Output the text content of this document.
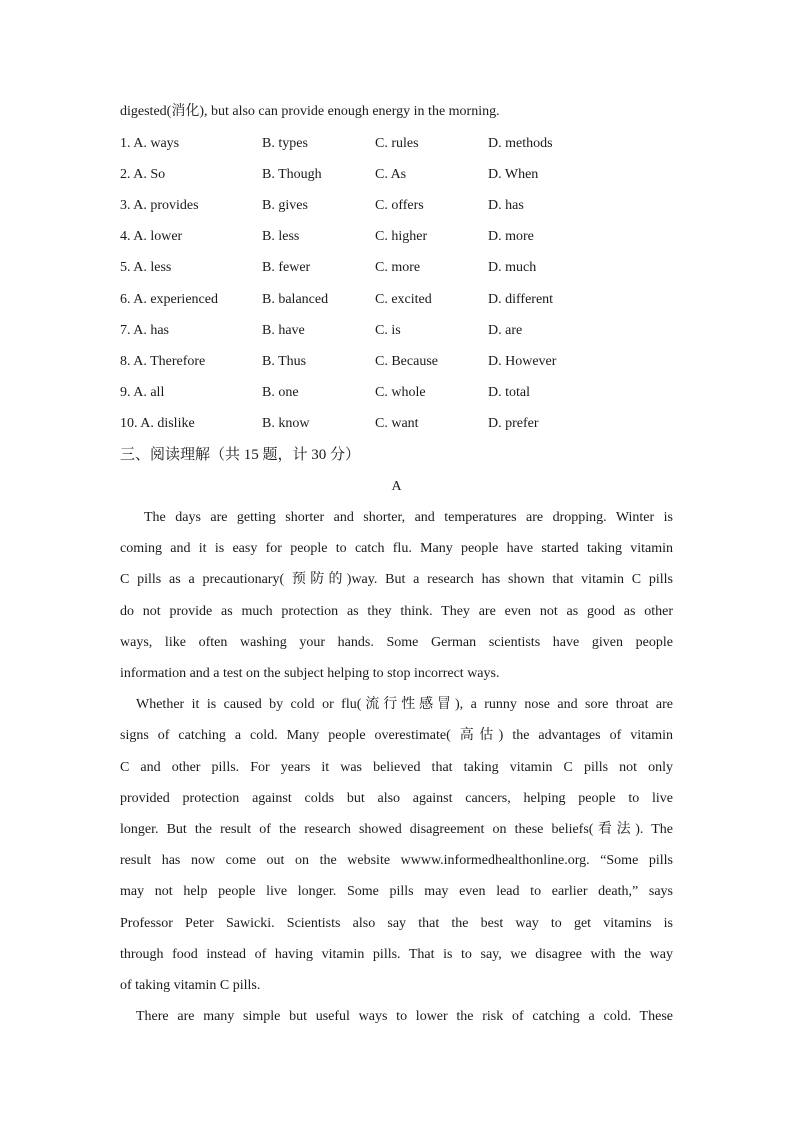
digested(消化), but also can provide enough energy in the morning.
1. A. ways	B. types	C. rules	D. methods
2. A. So	B. Though	C. As	D. When
3. A. provides	B. gives	C. offers	D. has
4. A. lower	B. less	C. higher	D. more
5. A. less	B. fewer	C. more	D. much
6. A. experienced	B. balanced	C. excited	D. different
7. A. has	B. have	C. is	D. are
8. A. Therefore	B. Thus	C. Because	D. However
9. A. all	B. one	C. whole	D. total
10. A. dislike	B. know	C. want	D. prefer
三、阅读理解（共 15 题，计 30 分）
A
The days are getting shorter and shorter, and temperatures are dropping. Winter is
coming and it is easy for people to catch flu. Many people have started taking vitamin
C pills as a precautionary( 预防的)way. But a research has shown that vitamin C pills
do not provide as much protection as they think. They are even not as good as other
ways, like often washing your hands. Some German scientists have given people
information and a test on the subject helping to stop incorrect ways.
Whether it is caused by cold or flu(流行性感冒), a runny nose and sore throat are
signs of catching a cold. Many people overestimate( 高估) the advantages of vitamin
C and other pills. For years it was believed that taking vitamin C pills not only
provided protection against colds but also against cancers, helping people to live
longer. But the result of the research showed disagreement on these beliefs(看法). The
result has now come out on the website wwww.informedhealthonline.org. “Some pills
may not help people live longer. Some pills may even lead to earlier death,” says
Professor Peter Sawicki. Scientists also say that the best way to get vitamins is
through food instead of having vitamin pills. That is to say, we disagree with the way
of taking vitamin C pills.
There are many simple but useful ways to lower the risk of catching a cold. These
